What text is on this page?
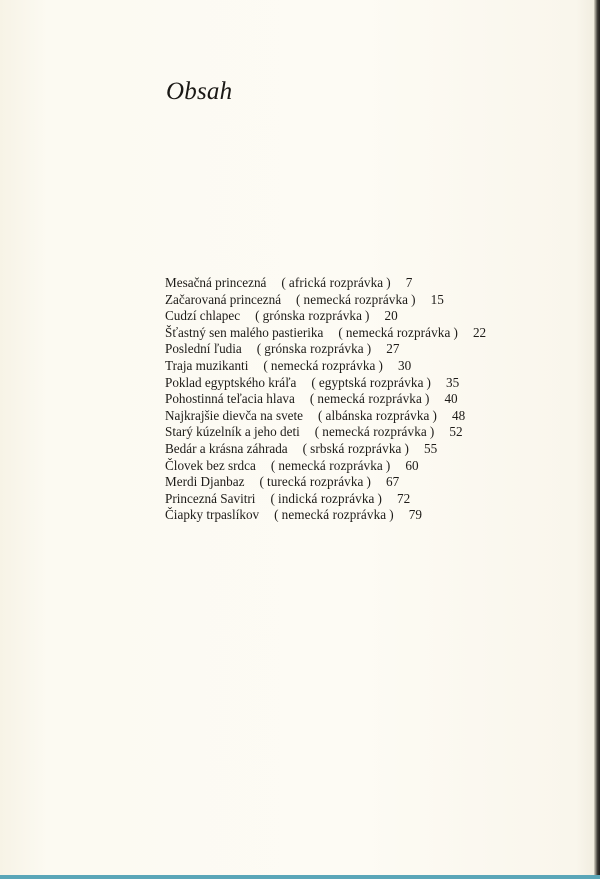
Obsah
Mesačná princezná ( africká rozprávka ) 7
Začarovaná princezná ( nemecká rozprávka ) 15
Cudzí chlapec ( grónska rozprávka ) 20
Šťastný sen malého pastierika ( nemecká rozprávka ) 22
Poslední ľudia ( grónska rozprávka ) 27
Traja muzikanti ( nemecká rozprávka ) 30
Poklad egyptského kráľa ( egyptská rozprávka ) 35
Pohostinná teľacia hlava ( nemecká rozprávka ) 40
Najkrajšie dievča na svete ( albánska rozprávka ) 48
Starý kúzelník a jeho deti ( nemecká rozprávka ) 52
Bedár a krásna záhrada ( srbská rozprávka ) 55
Človek bez srdca ( nemecká rozprávka ) 60
Merdi Djanbaz ( turecká rozprávka ) 67
Princezná Savitri ( indická rozprávka ) 72
Čiapky trpaslíkov ( nemecká rozprávka ) 79
